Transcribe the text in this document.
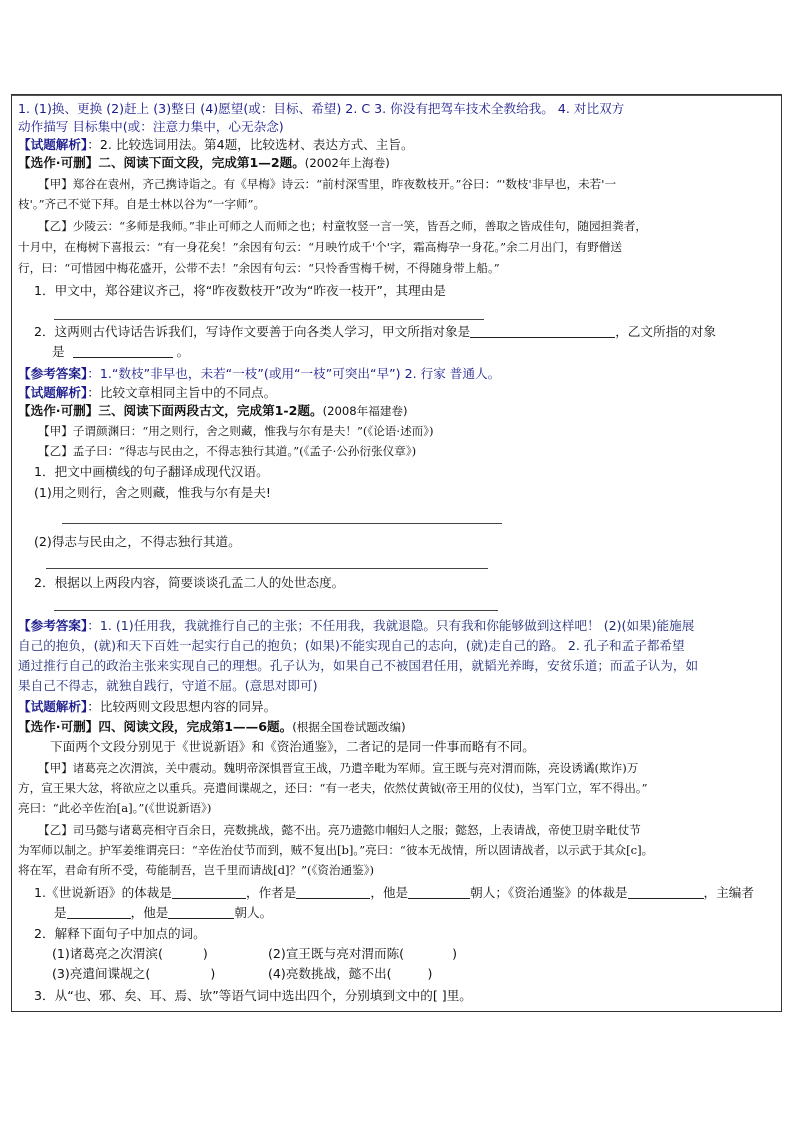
1. (1)换、更换 (2)赶上 (3)整日 (4)愿望(或：目标、希望) 2. C 3. 你没有把驾车技术全教给我。 4. 对比双方
动作描写 目标集中(或：注意力集中，心无杂念)
【试题解析】：2. 比较选词用法。第4题，比较选材、表达方式、主旨。
【选作·可删】二、阅读下面文段，完成第1—2题。(2002年上海卷)
【甲】郑谷在袁州，齐己携诗诣之。有《早梅》诗云：“前村深雪里，昨夜数枝开。”谷曰：“'数枝'非早也，未若'一
枝'。”齐己不觉下拜。自是士林以谷为“一字师”。
【乙】少陵云：“多师是我师。”非止可师之人而师之也；村童牧竖一言一笑，皆吾之师，善取之皆成佳句，随园担粪者，
十月中，在梅树下喜报云：“有一身花矣！”余因有句云：“月映竹成千'个'字，霜高梅孕一身花。”余二月出门，有野僧送
行，曰：“可惜园中梅花盛开，公带不去！”余因有句云：“只怜香雪梅千树，不得随身带上船。”
1．甲文中，郑谷建议齐己，将“昨夜数枝开”改为“昨夜一枝开”，其理由是
2．这两则古代诗话告诉我们，写诗作文要善于向各类人学习，甲文所指对象是	，乙文所指的对象
是	。
【参考答案】：1.“数枝”非早也，未若“一枝”(或用“一枝”可突出“早”) 2. 行家 普通人。
【试题解析】：比较文章相同主旨中的不同点。
【选作·可删】三、阅读下面两段古文，完成第1-2题。(2008年福建卷)
【甲】子谓颜渊曰：“用之则行，舍之则藏，惟我与尔有是夫！”(《论语·述而》)
【乙】孟子曰：“得志与民由之，不得志独行其道。”(《孟子·公孙衍张仪章》)
1．把文中画横线的句子翻译成现代汉语。
(1)用之则行，舍之则藏，惟我与尔有是夫!
(2)得志与民由之，不得志独行其道。
2．根据以上两段内容，简要谈谈孔孟二人的处世态度。
【参考答案】：1. (1)任用我，我就推行自己的主张；不任用我，我就退隐。只有我和你能够做到这样吧！ (2)(如果)能施展
自己的抱负，(就)和天下百姓一起实行自己的抱负；(如果)不能实现自己的志向，(就)走自己的路。 2. 孔子和孟子都希望
通过推行自己的政治主张来实现自己的理想。孔子认为，如果自己不被国君任用，就韬光养晦，安贫乐道；而孟子认为，如
果自己不得志，就独自践行，守道不屈。(意思对即可)
【试题解析】：比较两则文段思想内容的同异。
【选作·可删】四、阅读文段，完成第1——6题。(根据全国卷试题改编)
下面两个文段分别见于《世说新语》和《资治通鉴》，二者记的是同一件事而略有不同。
【甲】诸葛亮之次渭滨，关中震动。魏明帝深惧晋宣王战，乃遣辛毗为军师。宣王既与亮对渭而陈，亮设诱谲(欺诈)万
方，宣王果大忿，将欲应之以重兵。亮遣间谍觇之，还曰：“有一老夫，依然仗黄钺(帝王用的仪仗)，当军门立，军不得出。”
亮曰：“此必辛佐治[a]。”(《世说新语》)
【乙】司马懿与诸葛亮相守百余日，亮数挑战，懿不出。亮乃遗懿巾帼妇人之服；懿怒，上表请战，帝使卫尉辛毗仗节
为军师以制之。护军姜维谓亮曰：“辛佐治仗节而到，贼不复出[b]。”亮曰：“彼本无战情，所以固请战者，以示武于其众[c]。
将在军，君命有所不受，苟能制吾，岂千里而请战[d]？”(《资治通鉴》)
1.《世说新语》的体裁是	，作者是	，他是	朝人；《资治通鉴》的体裁是	，主编者
是	，他是	朝人。
2．解释下面句子中加点的词。
(1)诸葛亮之次渭滨(	)	(2)宣王既与亮对渭而陈(	)
(3)亮遣间谍觇之(	)	(4)亮数挑战，懿不出(	)
3．从“也、邪、矣、耳、焉、欤”等语气词中选出四个，分别填到文中的[ ]里。
